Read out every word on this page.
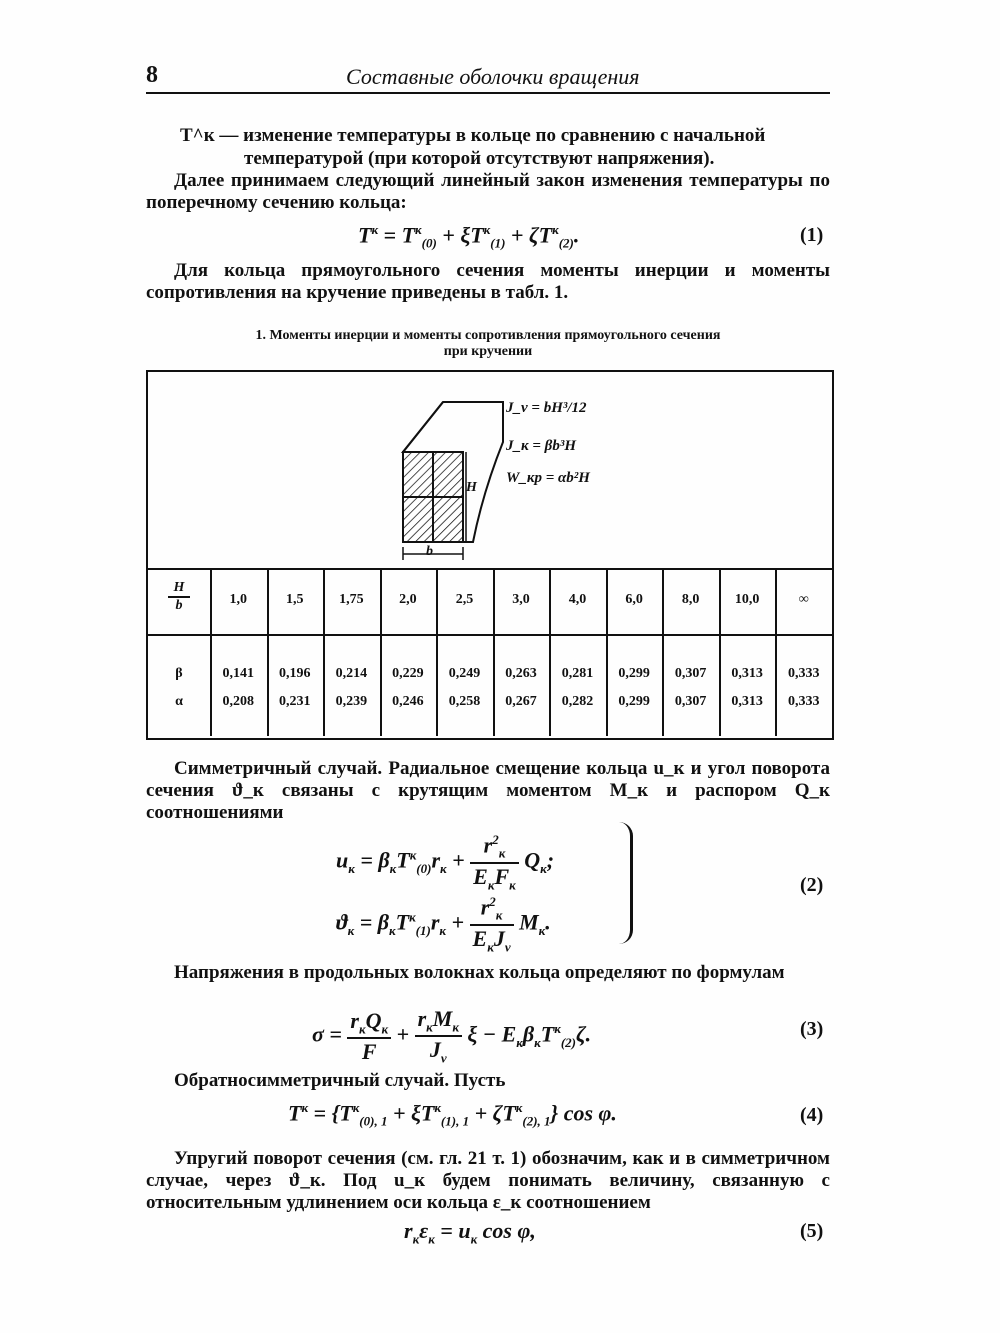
8	Составные оболочки вращения
T^к — изменение температуры в кольце по сравнению с начальной
температурой (при которой отсутствуют напряжения).
Далее принимаем следующий линейный закон изменения температуры по поперечному сечению кольца:
$T^к = T^к_{(0)} + \xi T^к_{(1)} + \zeta T^к_{(2)}$.	(1)
Для кольца прямоугольного сечения моменты инерции и моменты сопротивления на кручение приведены в табл. 1.
1. Моменты инерции и моменты сопротивления прямоугольного сечения
при кручении
H
b
J_v = bH³/12
J_к = βb³H
W_кр = αb²H
$\frac{H}{b}$	1,0	1,5	1,75	2,0	2,5	3,0	4,0	6,0	8,0	10,0	∞
β	0,141	0,196	0,214	0,229	0,249	0,263	0,281	0,299	0,307	0,313	0,333
α	0,208	0,231	0,239	0,246	0,258	0,267	0,282	0,299	0,307	0,313	0,333
Симметричный случай. Радиальное смещение кольца u_к и угол поворота сечения ϑ_к связаны с крутящим моментом M_к и распором Q_к соотношениями
$u_к = \beta_кT^к_{(0)}r_к + \frac{r^2_к}{E_кF_к} Q_к$;
$ϑ_к = \beta_кT^к_{(1)}r_к + \frac{r^2_к}{E_кJ_v} M_к$.
(2)
Напряжения в продольных волокнах кольца определяют по формулам
$\sigma = \frac{r_кQ_к}{F} + \frac{r_кM_к}{J_v}$ $\xi - E_к\beta_кT^к_{(2)}\zeta$.	(3)
Обратносимметричный случай. Пусть
$T^к = \{T^к_{(0), 1} + \xi T^к_{(1), 1} + \zeta T^к_{(2), 1}\}$ cos φ.	(4)
Упругий поворот сечения (см. гл. 21 т. 1) обозначим, как и в симметричном случае, через ϑ_к. Под u_к будем понимать величину, связанную с относительным удлинением оси кольца ε_к соотношением
$r_к\varepsilon_к = u_к$ cos φ,	(5)
